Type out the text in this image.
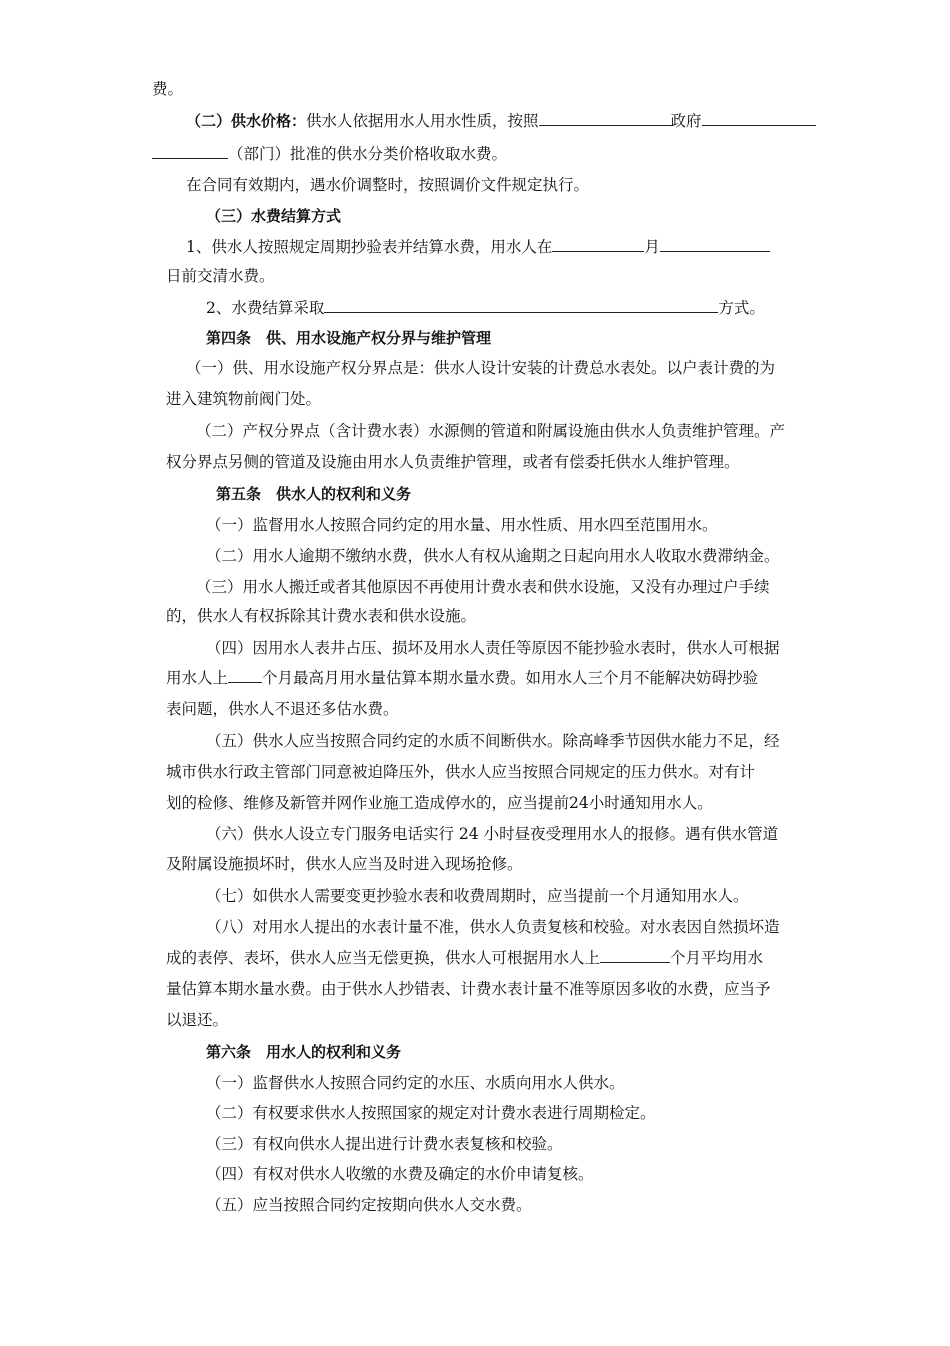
费。
（二）供水价格：供水人依据用水人用水性质，按照	政府
（部门）批准的供水分类价格收取水费。
在合同有效期内，遇水价调整时，按照调价文件规定执行。
（三）水费结算方式
1、供水人按照规定周期抄验表并结算水费，用水人在	月
日前交清水费。
2、水费结算采取	方式。
第四条　供、用水设施产权分界与维护管理
（一）供、用水设施产权分界点是：供水人设计安装的计费总水表处。以户表计费的为
进入建筑物前阀门处。
（二）产权分界点（含计费水表）水源侧的管道和附属设施由供水人负责维护管理。产
权分界点另侧的管道及设施由用水人负责维护管理，或者有偿委托供水人维护管理。
第五条　供水人的权利和义务
（一）监督用水人按照合同约定的用水量、用水性质、用水四至范围用水。
（二）用水人逾期不缴纳水费，供水人有权从逾期之日起向用水人收取水费滞纳金。
（三）用水人搬迁或者其他原因不再使用计费水表和供水设施，又没有办理过户手续
的，供水人有权拆除其计费水表和供水设施。
（四）因用水人表井占压、损坏及用水人责任等原因不能抄验水表时，供水人可根据
用水人上 个月最高月用水量估算本期水量水费。如用水人三个月不能解决妨碍抄验
表问题，供水人不退还多估水费。
（五）供水人应当按照合同约定的水质不间断供水。除高峰季节因供水能力不足，经
城市供水行政主管部门同意被迫降压外，供水人应当按照合同规定的压力供水。对有计
划的检修、维修及新管并网作业施工造成停水的，应当提前24小时通知用水人。
（六）供水人设立专门服务电话实行 24 小时昼夜受理用水人的报修。遇有供水管道
及附属设施损坏时，供水人应当及时进入现场抢修。
（七）如供水人需要变更抄验水表和收费周期时，应当提前一个月通知用水人。
（八）对用水人提出的水表计量不准，供水人负责复核和校验。对水表因自然损坏造
成的表停、表坏，供水人应当无偿更换，供水人可根据用水人上	个月平均用水
量估算本期水量水费。由于供水人抄错表、计费水表计量不准等原因多收的水费，应当予
以退还。
第六条　用水人的权利和义务
（一）监督供水人按照合同约定的水压、水质向用水人供水。
（二）有权要求供水人按照国家的规定对计费水表进行周期检定。
（三）有权向供水人提出进行计费水表复核和校验。
（四）有权对供水人收缴的水费及确定的水价申请复核。
（五）应当按照合同约定按期向供水人交水费。
